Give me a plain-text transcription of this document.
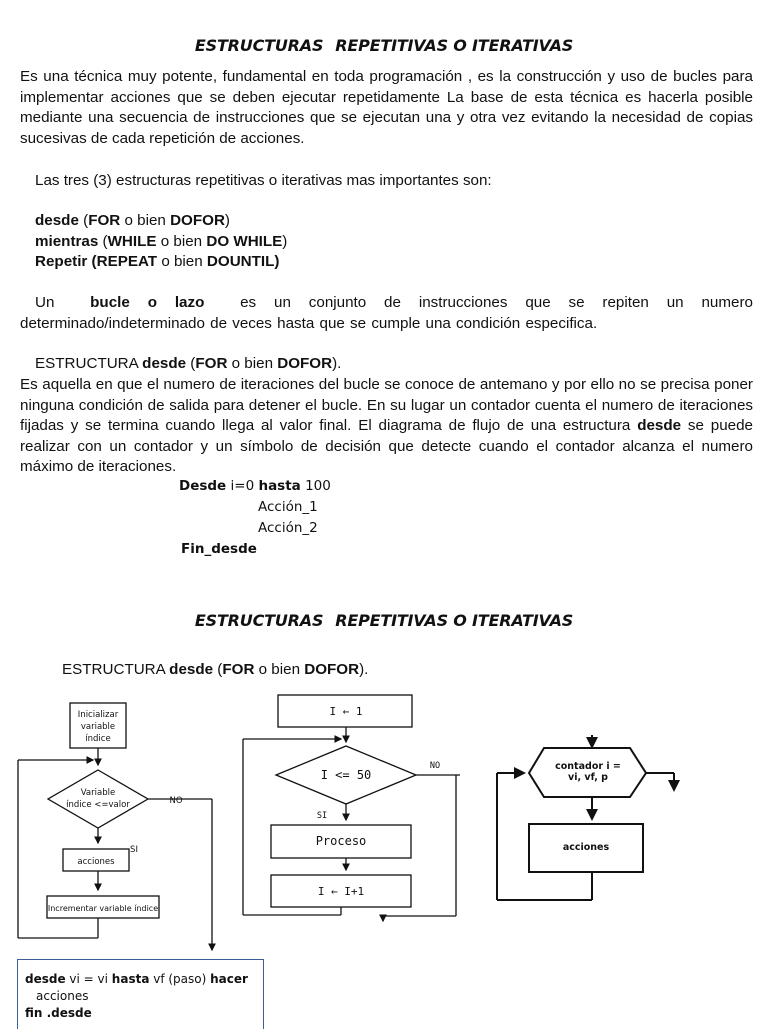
ESTRUCTURAS REPETITIVAS O ITERATIVAS
Es una técnica muy potente, fundamental en toda programación , es la construcción y uso de bucles para implementar acciones que se deben ejecutar repetidamente La base de esta técnica es hacerla posible mediante una secuencia de instrucciones que se ejecutan una y otra vez evitando la necesidad de copias sucesivas de cada repetición de acciones.
Las tres (3) estructuras repetitivas o iterativas mas importantes son:
desde (FOR o bien DOFOR)
mientras (WHILE o bien DO WHILE)
Repetir (REPEAT o bien DOUNTIL)
Un bucle o lazo es un conjunto de instrucciones que se repiten un numero determinado/indeterminado de veces hasta que se cumple una condición especifica.
ESTRUCTURA desde (FOR o bien DOFOR).
Es aquella en que el numero de iteraciones del bucle se conoce de antemano y por ello no se precisa poner ninguna condición de salida para detener el bucle. En su lugar un contador cuenta el numero de iteraciones fijadas y se termina cuando llega al valor final. El diagrama de flujo de una estructura desde se puede realizar con un contador y un símbolo de decisión que detecte cuando el contador alcanza el numero máximo de iteraciones.
Desde i=0 hasta 100
Acción_1
Acción_2
Fin_desde
ESTRUCTURAS REPETITIVAS O ITERATIVAS
ESTRUCTURA desde (FOR o bien DOFOR).
Inicializar
variable
índice
Variable
índice <=valor	NO
SI
acciones
Incrementar variable índice
I ← 1
I <= 50
NO
SI
Proceso
I ← I+1
contador i =
vi, vf, p
acciones
desde vi = vi hasta vf (paso) hacer
acciones
fin .desde
